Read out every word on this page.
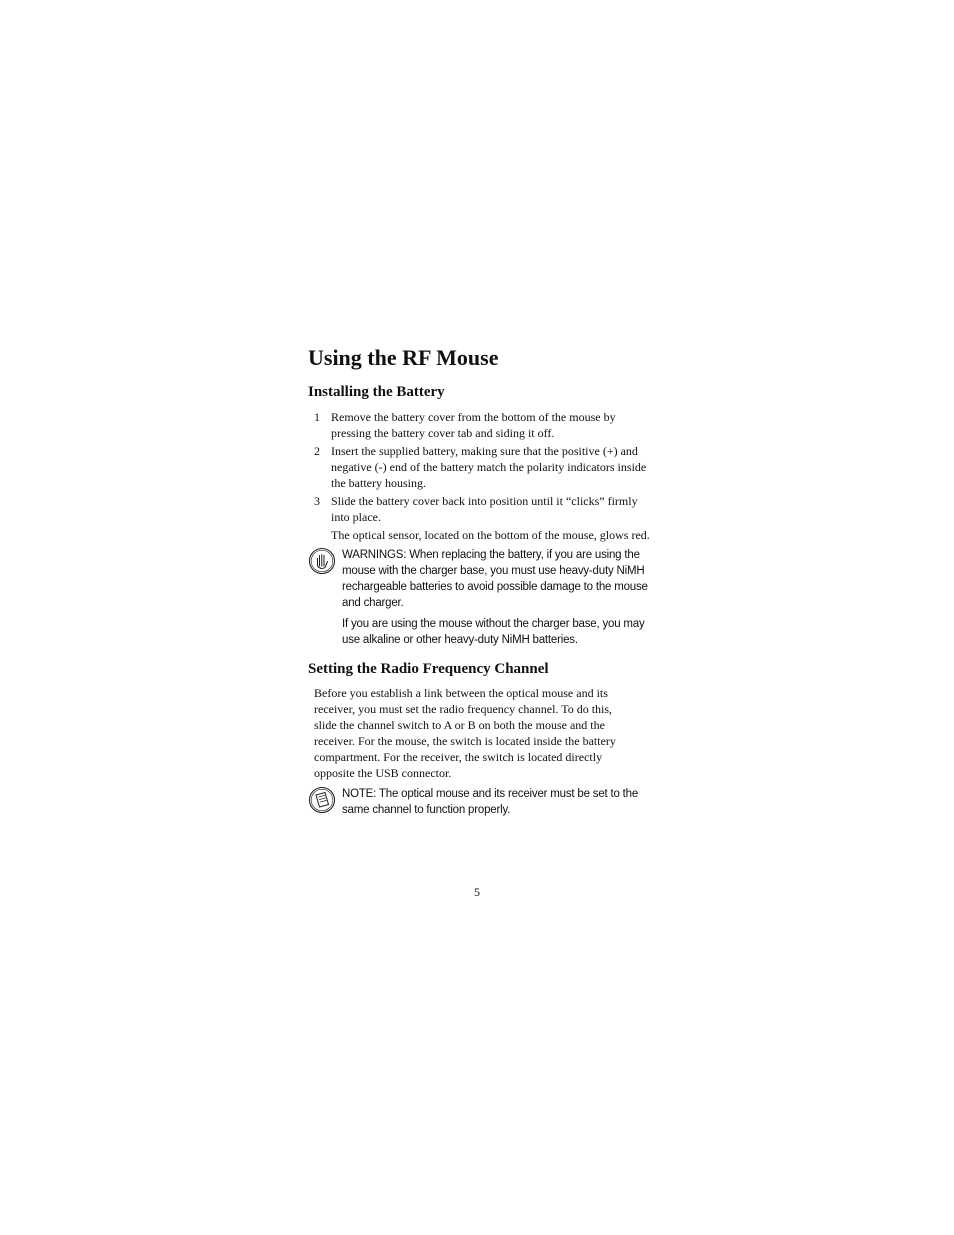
Using the RF Mouse
Installing the Battery
1 Remove the battery cover from the bottom of the mouse by pressing the battery cover tab and siding it off.
2 Insert the supplied battery, making sure that the positive (+) and negative (-) end of the battery match the polarity indicators inside the battery housing.
3 Slide the battery cover back into position until it “clicks” firmly into place.
The optical sensor, located on the bottom of the mouse, glows red.

WARNINGS: When replacing the battery, if you are using the mouse with the charger base, you must use heavy-duty NiMH rechargeable batteries to avoid possible damage to the mouse and charger.

If you are using the mouse without the charger base, you may use alkaline or other heavy-duty NiMH batteries.

Setting the Radio Frequency Channel

Before you establish a link between the optical mouse and its receiver, you must set the radio frequency channel. To do this, slide the channel switch to A or B on both the mouse and the receiver. For the mouse, the switch is located inside the battery compartment. For the receiver, the switch is located directly opposite the USB connector.

NOTE: The optical mouse and its receiver must be set to the same channel to function properly.

5
